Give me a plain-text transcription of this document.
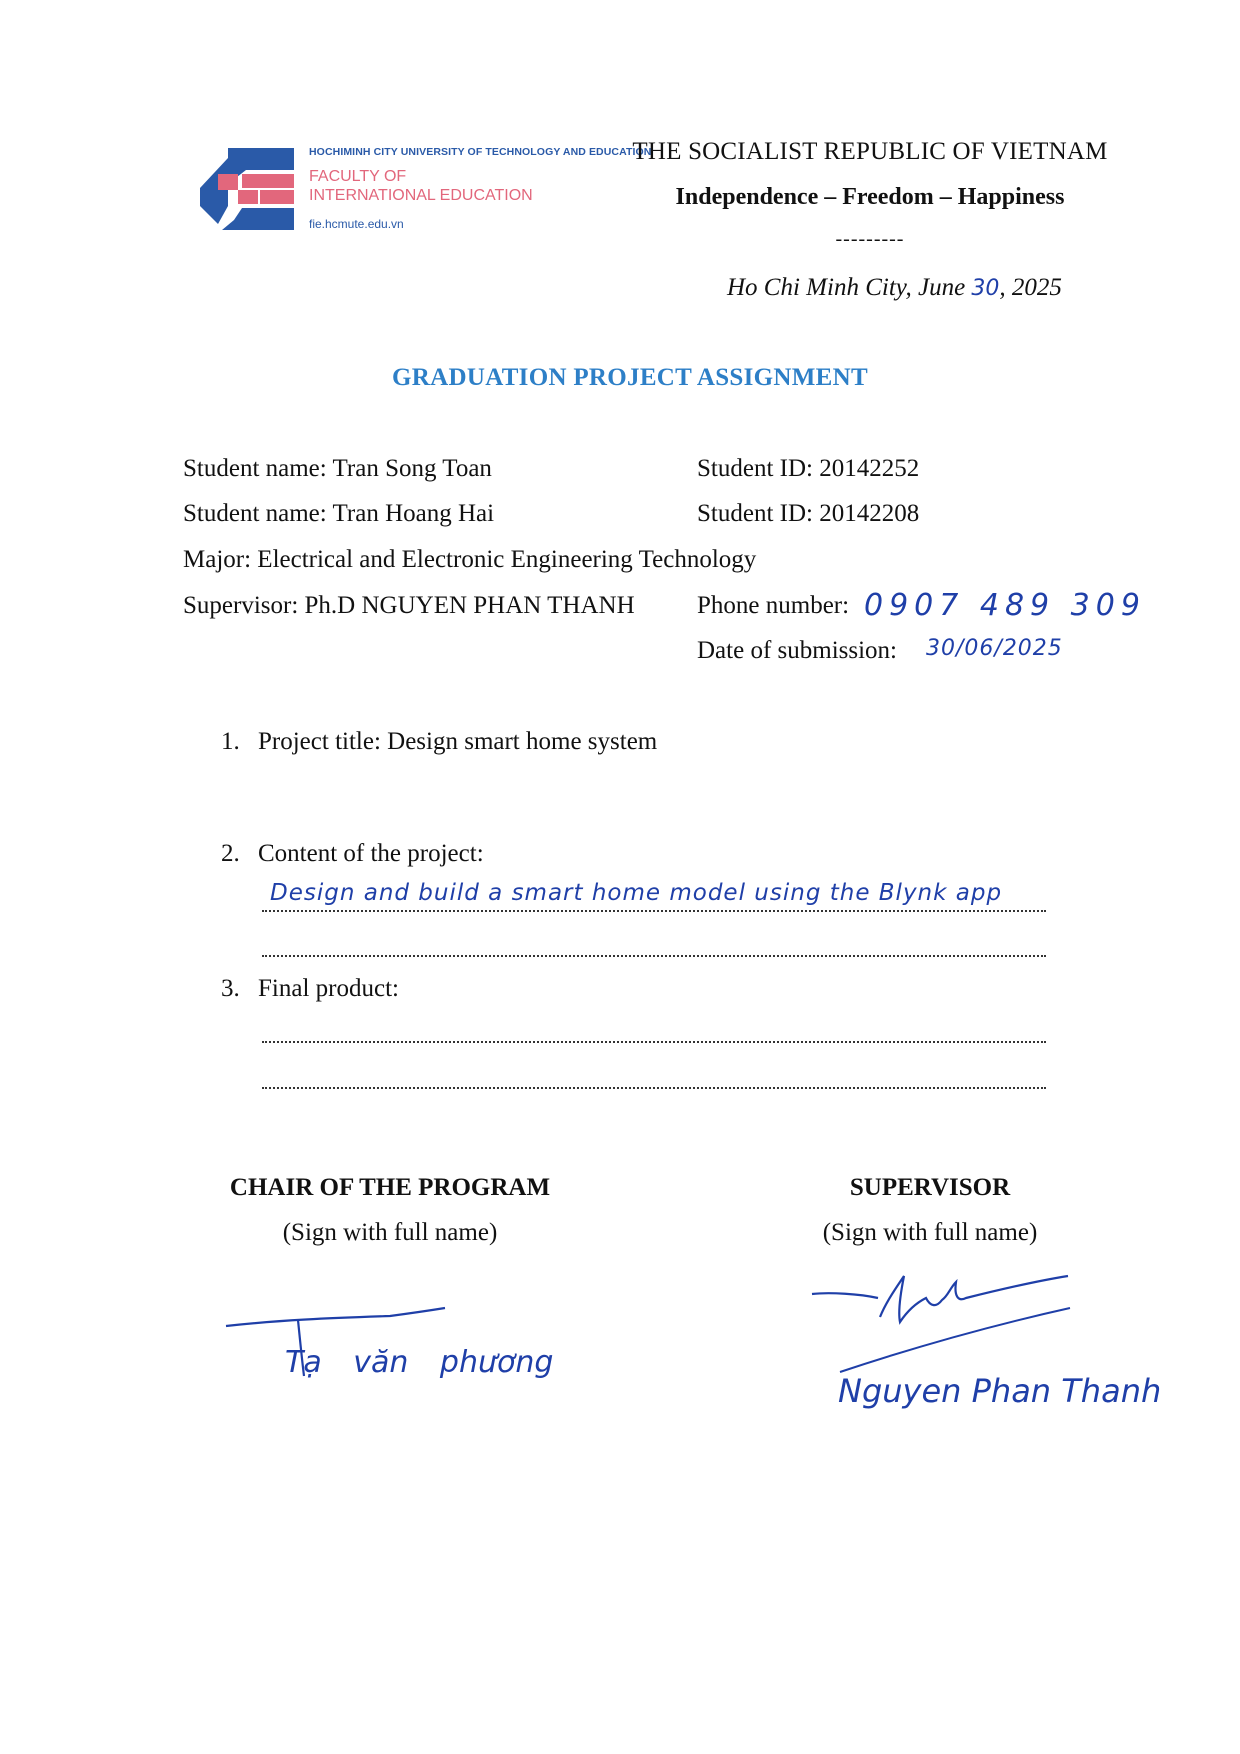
HOCHIMINH CITY UNIVERSITY OF TECHNOLOGY AND EDUCATION
FACULTY OF
INTERNATIONAL EDUCATION
fie.hcmute.edu.vn
THE SOCIALIST REPUBLIC OF VIETNAM
Independence – Freedom – Happiness
---------
Ho Chi Minh City, June 30, 2025
GRADUATION PROJECT ASSIGNMENT
Student name: Tran Song Toan	Student ID: 20142252
Student name: Tran Hoang Hai	Student ID: 20142208
Major: Electrical and Electronic Engineering Technology
Supervisor: Ph.D NGUYEN PHAN THANH Phone number: 0907 489 309
Date of submission: 30/06/2025
1. Project title: Design smart home system
2. Content of the project:
Design and build a smart home model using the Blynk app
3. Final product:
CHAIR OF THE PROGRAM
(Sign with full name)
SUPERVISOR
(Sign with full name)
Tạ văn phương
Nguyen Phan Thanh
